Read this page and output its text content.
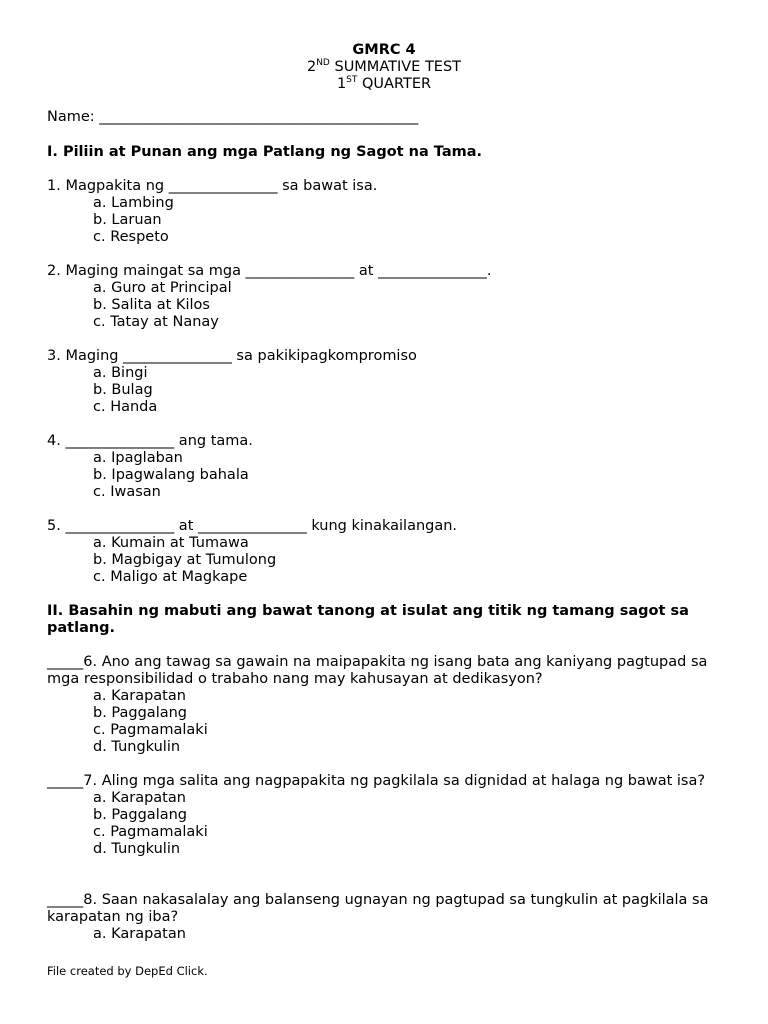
GMRC 4
2ND SUMMATIVE TEST
1ST QUARTER
Name: ____________________________________________
I. Piliin at Punan ang mga Patlang ng Sagot na Tama.
1. Magpakita ng _______________ sa bawat isa.
a. Lambing
b. Laruan
c. Respeto
2. Maging maingat sa mga _______________ at _______________.
a. Guro at Principal
b. Salita at Kilos
c. Tatay at Nanay
3. Maging _______________ sa pakikipagkompromiso
a. Bingi
b. Bulag
c. Handa
4. _______________ ang tama.
a. Ipaglaban
b. Ipagwalang bahala
c. Iwasan
5. _______________ at _______________ kung kinakailangan.
a. Kumain at Tumawa
b. Magbigay at Tumulong
c. Maligo at Magkape
II. Basahin ng mabuti ang bawat tanong at isulat ang titik ng tamang sagot sa patlang.
_____6. Ano ang tawag sa gawain na maipapakita ng isang bata ang kaniyang pagtupad sa mga responsibilidad o trabaho nang may kahusayan at dedikasyon?
a. Karapatan
b. Paggalang
c. Pagmamalaki
d. Tungkulin
_____7. Aling mga salita ang nagpapakita ng pagkilala sa dignidad at halaga ng bawat isa?
a. Karapatan
b. Paggalang
c. Pagmamalaki
d. Tungkulin
_____8. Saan nakasalalay ang balanseng ugnayan ng pagtupad sa tungkulin at pagkilala sa karapatan ng iba?
a. Karapatan
File created by DepEd Click.
